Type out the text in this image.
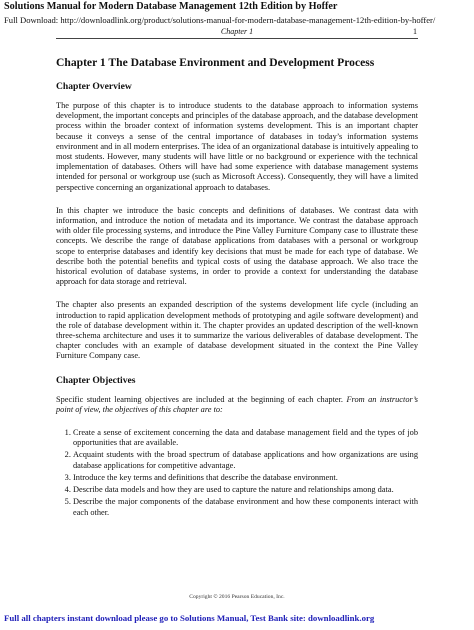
Solutions Manual for Modern Database Management 12th Edition by Hoffer
Full Download: http://downloadlink.org/product/solutions-manual-for-modern-database-management-12th-edition-by-hoffer/
Chapter 1	1
Chapter 1 The Database Environment and Development Process
Chapter Overview

The purpose of this chapter is to introduce students to the database approach to information systems development, the important concepts and principles of the database approach, and the database development process within the broader context of information systems development. This is an important chapter because it conveys a sense of the central importance of databases in today’s information systems environment and in all modern enterprises. The idea of an organizational database is intuitively appealing to most students. However, many students will have little or no background or experience with the technical implementation of databases. Others will have had some experience with database management systems intended for personal or workgroup use (such as Microsoft Access). Consequently, they will have a limited perspective concerning an organizational approach to databases.

In this chapter we introduce the basic concepts and definitions of databases. We contrast data with information, and introduce the notion of metadata and its importance. We contrast the database approach with older file processing systems, and introduce the Pine Valley Furniture Company case to illustrate these concepts. We describe the range of database applications from databases with a personal or workgroup scope to enterprise databases and identify key decisions that must be made for each type of database. We describe both the potential benefits and typical costs of using the database approach. We also trace the historical evolution of database systems, in order to provide a context for understanding the database approach for data storage and retrieval.

The chapter also presents an expanded description of the systems development life cycle (including an introduction to rapid application development methods of prototyping and agile software development) and the role of database development within it. The chapter provides an updated description of the well-known three-schema architecture and uses it to summarize the various deliverables of database development. The chapter concludes with an example of database development situated in the context the Pine Valley Furniture Company case.

Chapter Objectives

Specific student learning objectives are included at the beginning of each chapter. From an instructor’s point of view, the objectives of this chapter are to:

1. Create a sense of excitement concerning the data and database management field and the types of job opportunities that are available.
2. Acquaint students with the broad spectrum of database applications and how organizations are using database applications for competitive advantage.
3. Introduce the key terms and definitions that describe the database environment.
4. Describe data models and how they are used to capture the nature and relationships among data.
5. Describe the major components of the database environment and how these components interact with each other.
Copyright © 2016 Pearson Education, Inc.
Full all chapters instant download please go to Solutions Manual, Test Bank site: downloadlink.org
